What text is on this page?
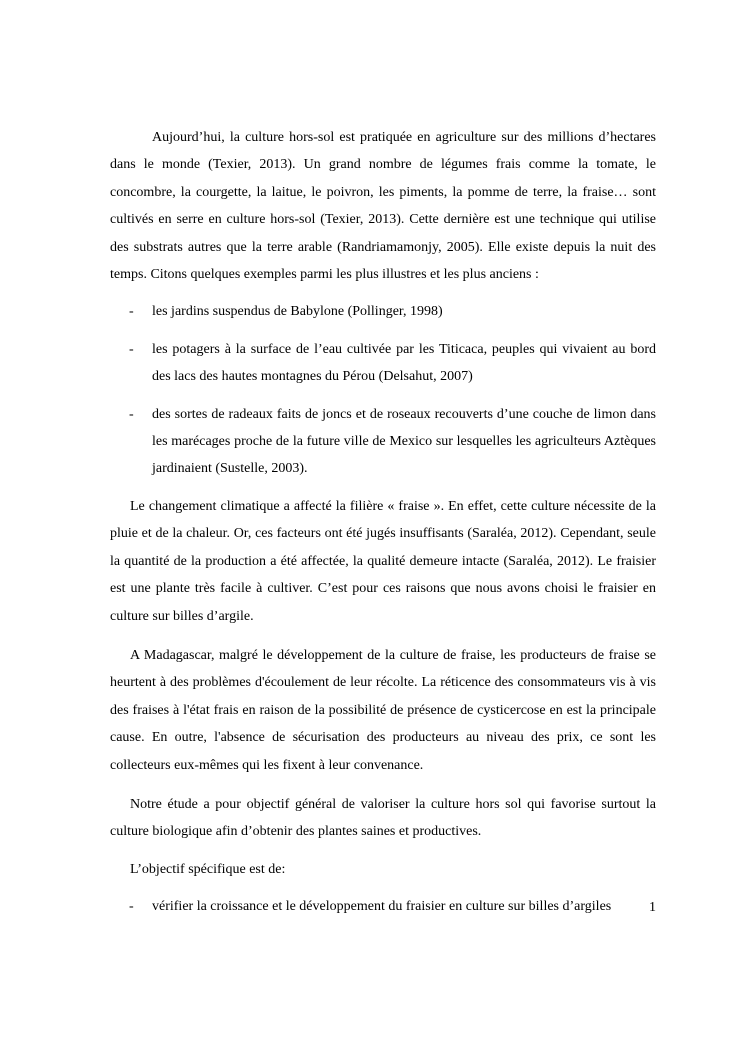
Aujourd’hui, la culture hors-sol est pratiquée en agriculture sur des millions d’hectares dans le monde (Texier, 2013). Un grand nombre de légumes frais comme la tomate, le concombre, la courgette, la laitue, le poivron, les piments, la pomme de terre, la fraise… sont cultivés en serre en culture hors-sol (Texier, 2013). Cette dernière est une technique qui utilise des substrats autres que la terre arable (Randriamamonjy, 2005). Elle existe depuis la nuit des temps. Citons quelques exemples parmi les plus illustres et les plus anciens :

- les jardins suspendus de Babylone (Pollinger, 1998)
- les potagers à la surface de l’eau cultivée par les Titicaca, peuples qui vivaient au bord des lacs des hautes montagnes du Pérou (Delsahut, 2007)
- des sortes de radeaux faits de joncs et de roseaux recouverts d’une couche de limon dans les marécages proche de la future ville de Mexico sur lesquelles les agriculteurs Aztèques jardinaient (Sustelle, 2003).

Le changement climatique a affecté la filière « fraise ». En effet, cette culture nécessite de la pluie et de la chaleur. Or, ces facteurs ont été jugés insuffisants (Saraléa, 2012). Cependant, seule la quantité de la production a été affectée, la qualité demeure intacte (Saraléa, 2012). Le fraisier est une plante très facile à cultiver. C’est pour ces raisons que nous avons choisi le fraisier en culture sur billes d’argile.

A Madagascar, malgré le développement de la culture de fraise, les producteurs de fraise se heurtent à des problèmes d'écoulement de leur récolte. La réticence des consommateurs vis à vis des fraises à l'état frais en raison de la possibilité de présence de cysticercose en est la principale cause. En outre, l'absence de sécurisation des producteurs au niveau des prix, ce sont les collecteurs eux-mêmes qui les fixent à leur convenance.

Notre étude a pour objectif général de valoriser la culture hors sol qui favorise surtout la culture biologique afin d’obtenir des plantes saines et productives.

L’objectif spécifique est de:

- vérifier la croissance et le développement du fraisier en culture sur billes d’argiles	1
